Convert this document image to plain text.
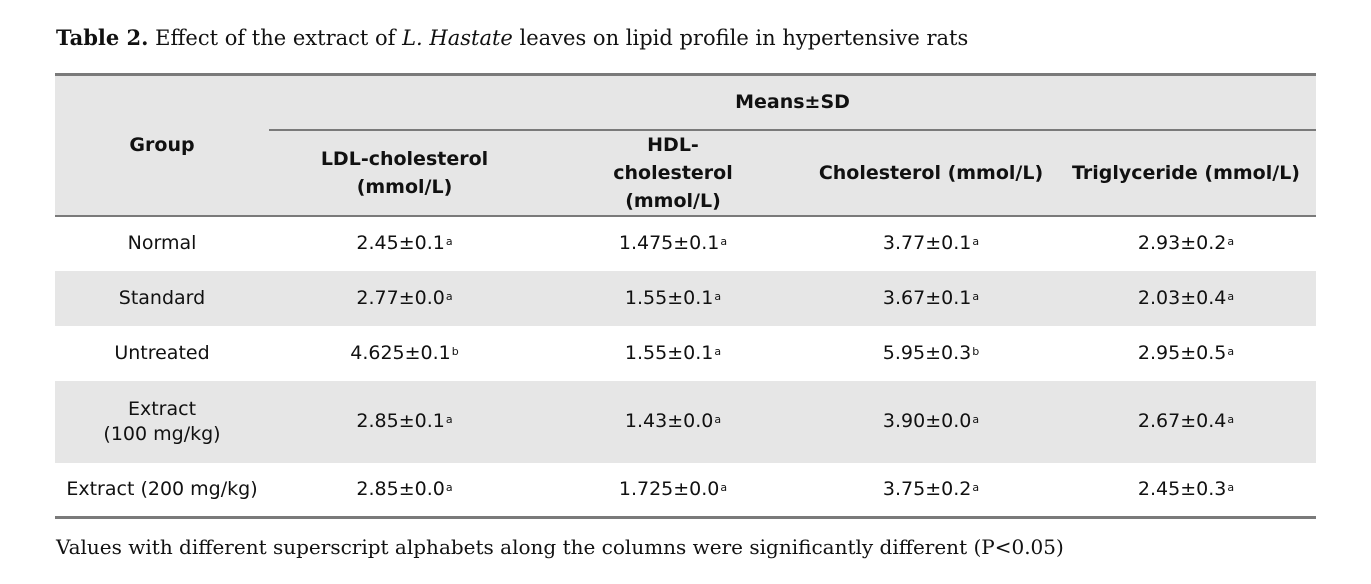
Table 2. Effect of the extract of L. Hastate leaves on lipid profile in hypertensive rats
Group	Means±SD			
	LDL-cholesterol (mmol/L)	HDL-cholesterol (mmol/L)	Cholesterol (mmol/L)	Triglyceride (mmol/L)
Normal	2.45±0.1$^a$	1.475±0.1$^a$	3.77±0.1$^a$	2.93±0.2$^a$
Standard	2.77±0.0$^a$	1.55±0.1$^a$	3.67±0.1$^a$	2.03±0.4$^a$
Untreated	4.625±0.1$^b$	1.55±0.1$^a$	5.95±0.3$^b$	2.95±0.5$^a$
Extract
(100 mg/kg)	2.85±0.1$^a$	1.43±0.0$^a$	3.90±0.0$^a$	2.67±0.4$^a$
Extract (200 mg/kg)	2.85±0.0$^a$	1.725±0.0$^a$	3.75±0.2$^a$	2.45±0.3$^a$
Values with different superscript alphabets along the columns were significantly different (P<0.05)
